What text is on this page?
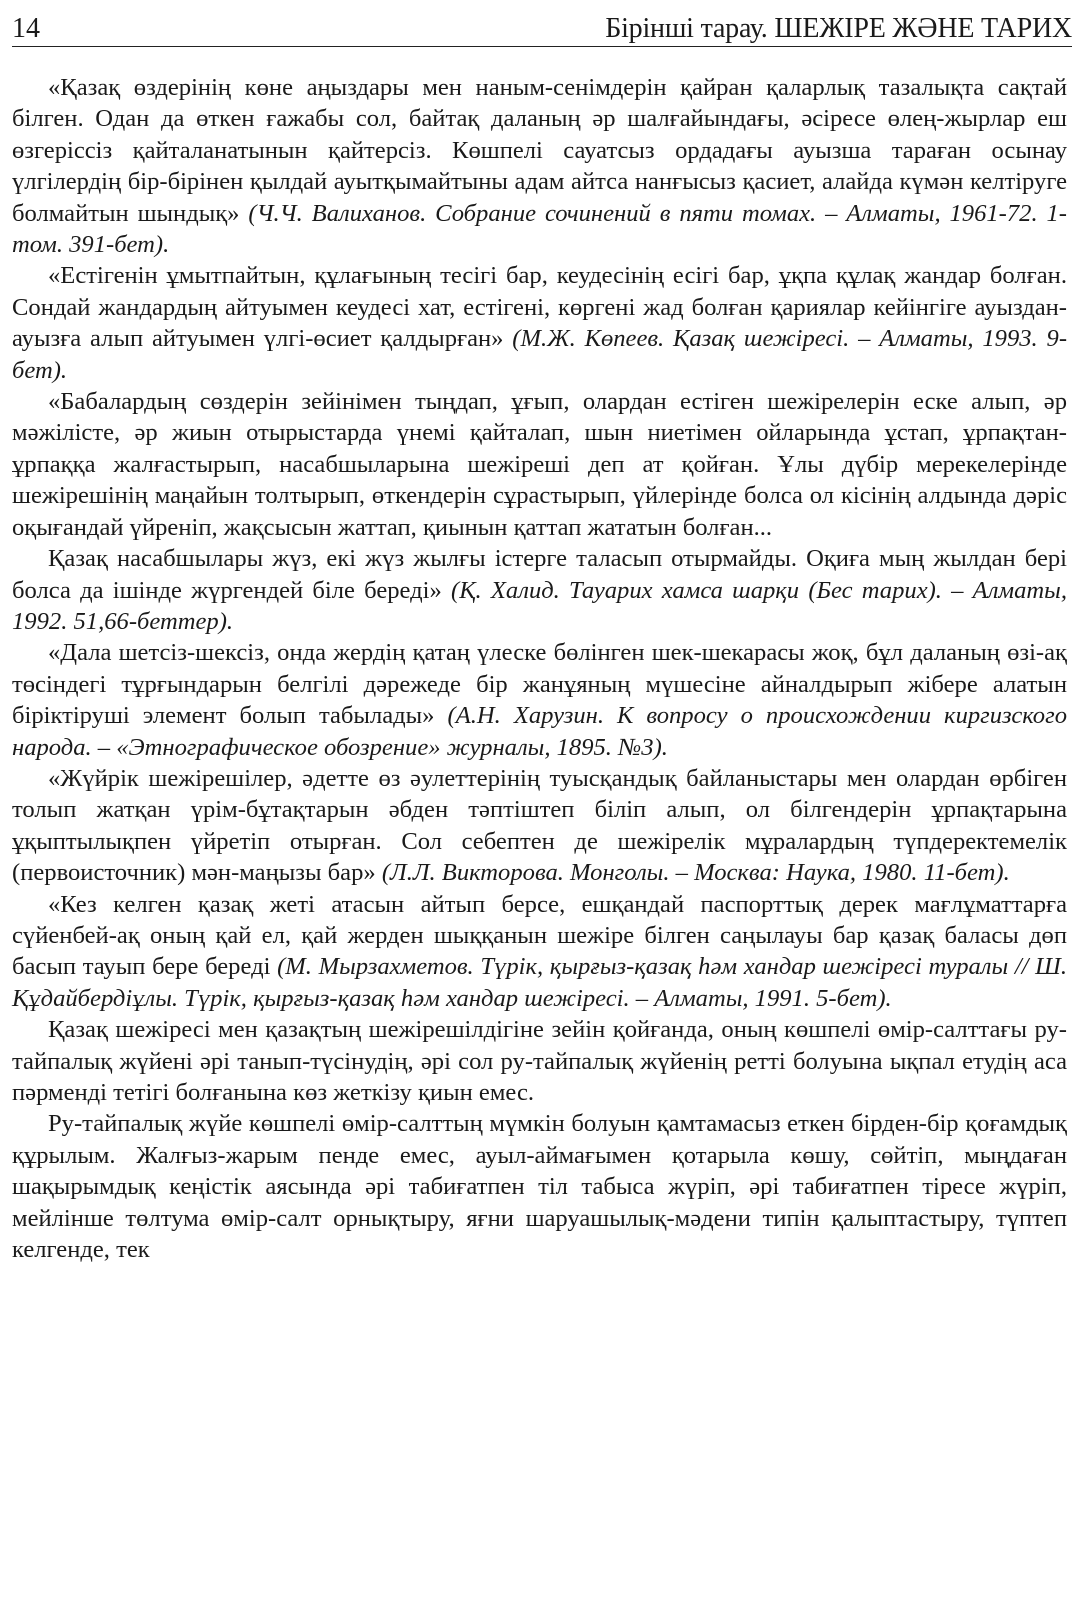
14	Бірінші тарау. ШЕЖІРЕ ЖӘНЕ ТАРИХ

«Қазақ өздерінің көне аңыздары мен наным-сенімдерін қайран қаларлық тазалықта сақтай білген. Одан да өткен ғажабы сол, байтақ даланың әр шалғайындағы, әсіресе өлең-жырлар еш өзгеріссіз қайталанатынын қайтерсіз. Көшпелі сауатсыз ордадағы ауызша тараған осынау үлгілердің бір-бірінен қылдай ауытқымайтыны адам айтса нанғысыз қасиет, алайда күмән келтіруге болмайтын шындық» (Ч.Ч. Валиханов. Собрание сочинений в пяти томах. – Алматы, 1961-72. 1-том. 391-бет).

«Естігенін ұмытпайтын, құлағының тесігі бар, кеудесінің есігі бар, ұқпа құлақ жандар болған. Сондай жандардың айтуымен кеудесі хат, естігені, көргені жад болған қариялар кейінгіге ауыздан-ауызға алып айтуымен үлгі-өсиет қалдырған» (М.Ж. Көпеев. Қазақ шежіресі. – Алматы, 1993. 9-бет).

«Бабалардың сөздерін зейінімен тыңдап, ұғып, олардан естіген шежірелерін еске алып, әр мәжілісте, әр жиын отырыстарда үнемі қайталап, шын ниетімен ойларында ұстап, ұрпақтан-ұрпаққа жалғастырып, насабшыларына шежіреші деп ат қойған. Ұлы дүбір мерекелерінде шежірешінің маңайын толтырып, өткендерін сұрастырып, үйлерінде болса ол кісінің алдында дәріс оқығандай үйреніп, жақсысын жаттап, қиынын қаттап жататын болған...

Қазақ насабшылары жүз, екі жүз жылғы істерге таласып отырмайды. Оқиға мың жылдан бері болса да ішінде жүргендей біле береді» (Қ. Халид. Тауарих хамса шарқи (Бес тарих). – Алматы, 1992. 51,66-беттер).

«Дала шетсіз-шексіз, онда жердің қатаң үлеске бөлінген шек-шекарасы жоқ, бұл даланың өзі-ақ төсіндегі тұрғындарын белгілі дәрежеде бір жанұяның мүшесіне айналдырып жібере алатын біріктіруші элемент болып табылады» (А.Н. Харузин. К вопросу о происхождении киргизского народа. – «Этнографическое обозрение» журналы, 1895. №3).

«Жүйрік шежірешілер, әдетте өз әулеттерінің туысқандық байланыстары мен олардан өрбіген толып жатқан үрім-бұтақтарын әбден тәптіштеп біліп алып, ол білгендерін ұрпақтарына ұқыптылықпен үйретіп отырған. Сол себептен де шежірелік мұралардың түпдеректемелік (первоисточник) мән-маңызы бар» (Л.Л. Викторова. Монголы. – Москва: Наука, 1980. 11-бет).

«Кез келген қазақ жеті атасын айтып берсе, ешқандай паспорттық дерек мағлұматтарға сүйенбей-ақ оның қай ел, қай жерден шыққанын шежіре білген саңылауы бар қазақ баласы дөп басып тауып бере береді (М. Мырзахметов. Түрік, қырғыз-қазақ һәм хандар шежіресі туралы // Ш. Құдайбердіұлы. Түрік, қырғыз-қазақ һәм хандар шежіресі. – Алматы, 1991. 5-бет).

Қазақ шежіресі мен қазақтың шежірешілдігіне зейін қойғанда, оның көшпелі өмір-салттағы ру-тайпалық жүйені әрі танып-түсінудің, әрі сол ру-тайпалық жүйенің ретті болуына ықпал етудің аса пәрменді тетігі болғанына көз жеткізу қиын емес.

Ру-тайпалық жүйе көшпелі өмір-салттың мүмкін болуын қамтамасыз еткен бірден-бір қоғамдық құрылым. Жалғыз-жарым пенде емес, ауыл-аймағымен қотарыла көшу, сөйтіп, мыңдаған шақырымдық кеңістік аясында әрі табиғатпен тіл табыса жүріп, әрі табиғатпен тіресе жүріп, мейлінше төлтума өмір-салт орнықтыру, яғни шаруашылық-мәдени типін қалыптастыру, түптеп келгенде, тек
